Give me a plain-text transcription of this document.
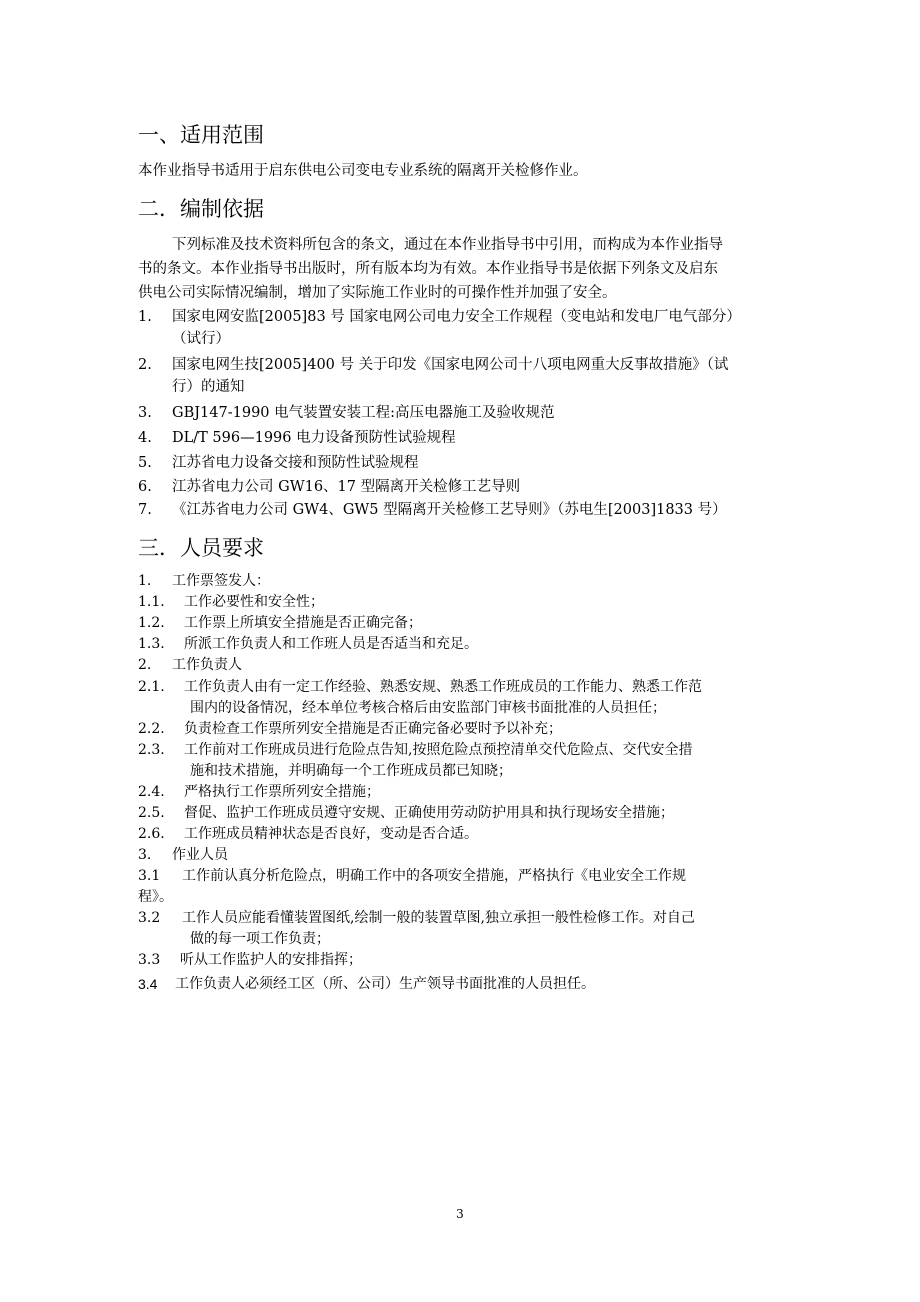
一、适用范围
本作业指导书适用于启东供电公司变电专业系统的隔离开关检修作业。
二．编制依据
下列标准及技术资料所包含的条文，通过在本作业指导书中引用，而构成为本作业指导
书的条文。本作业指导书出版时，所有版本均为有效。本作业指导书是依据下列条文及启东
供电公司实际情况编制，增加了实际施工作业时的可操作性并加强了安全。
1. 国家电网安监[2005]83 号 国家电网公司电力安全工作规程（变电站和发电厂电气部分）
（试行）
2. 国家电网生技[2005]400 号 关于印发《国家电网公司十八项电网重大反事故措施》（试
行）的通知
3. GBJ147-1990 电气装置安装工程:高压电器施工及验收规范
4. DL/T 596—1996 电力设备预防性试验规程
5. 江苏省电力设备交接和预防性试验规程
6. 江苏省电力公司 GW16、17 型隔离开关检修工艺导则
7. 《江苏省电力公司 GW4、GW5 型隔离开关检修工艺导则》（苏电生[2003]1833 号）
三．人员要求
1. 工作票签发人：
1.1. 工作必要性和安全性；
1.2. 工作票上所填安全措施是否正确完备；
1.3. 所派工作负责人和工作班人员是否适当和充足。
2. 工作负责人
2.1. 工作负责人由有一定工作经验、熟悉安规、熟悉工作班成员的工作能力、熟悉工作范
围内的设备情况，经本单位考核合格后由安监部门审核书面批准的人员担任；
2.2. 负责检查工作票所列安全措施是否正确完备必要时予以补充；
2.3. 工作前对工作班成员进行危险点告知,按照危险点预控清单交代危险点、交代安全措
施和技术措施，并明确每一个工作班成员都已知晓；
2.4. 严格执行工作票所列安全措施；
2.5. 督促、监护工作班成员遵守安规、正确使用劳动防护用具和执行现场安全措施；
2.6. 工作班成员精神状态是否良好，变动是否合适。
3. 作业人员
3.1 工作前认真分析危险点，明确工作中的各项安全措施，严格执行《电业安全工作规
程》。
3.2 工作人员应能看懂装置图纸,绘制一般的装置草图,独立承担一般性检修工作。对自己
做的每一项工作负责；
3.3 听从工作监护人的安排指挥；
3.4 工作负责人必须经工区（所、公司）生产领导书面批准的人员担任。
3
